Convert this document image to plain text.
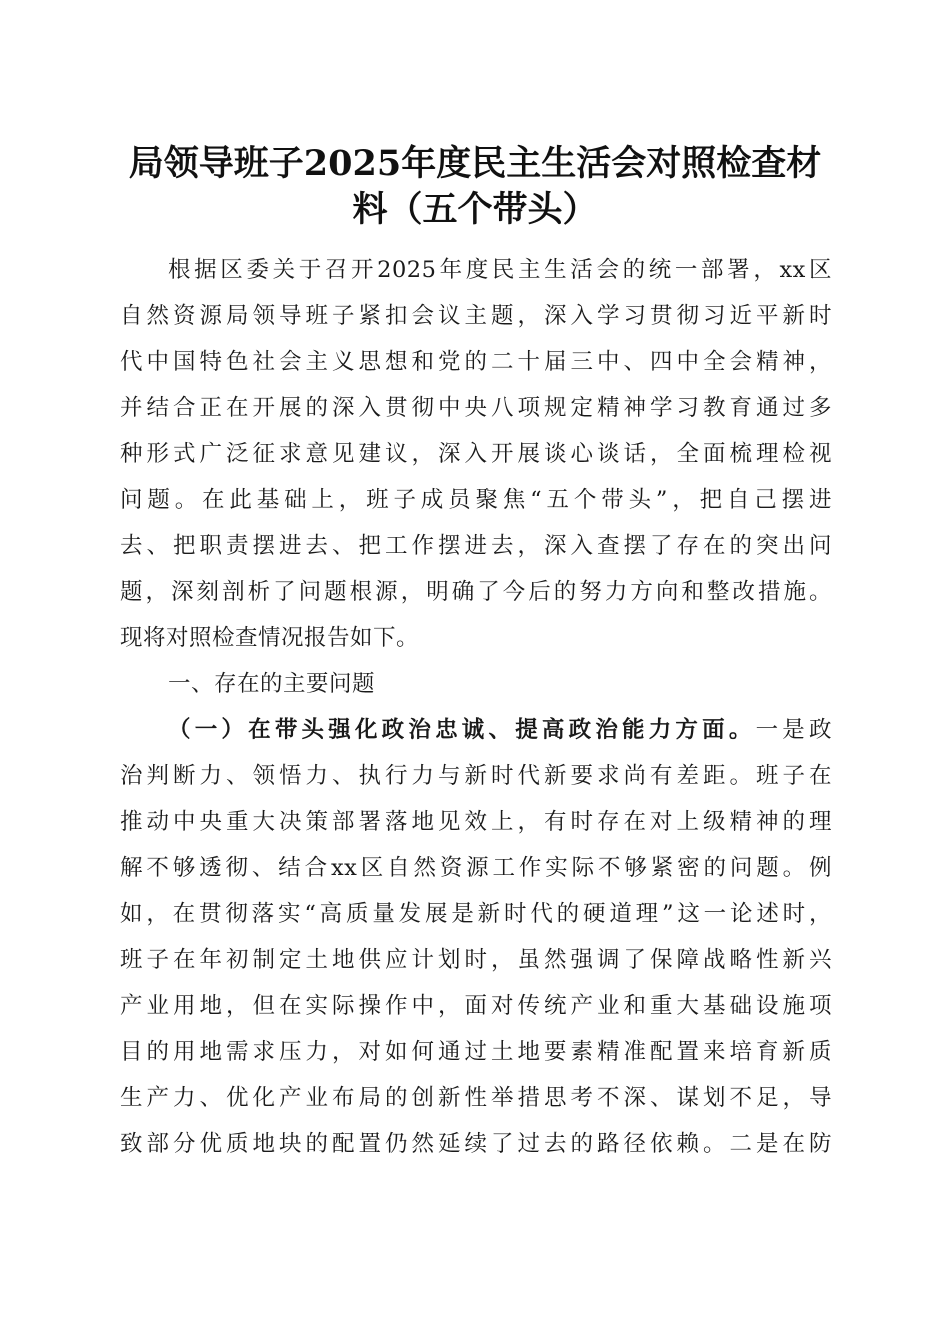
局领导班子2025年度民主生活会对照检查材
料（五个带头）
根据区委关于召开2025年度民主生活会的统一部署，xx区
自然资源局领导班子紧扣会议主题，深入学习贯彻习近平新时
代中国特色社会主义思想和党的二十届三中、四中全会精神，
并结合正在开展的深入贯彻中央八项规定精神学习教育通过多
种形式广泛征求意见建议，深入开展谈心谈话，全面梳理检视
问题。在此基础上，班子成员聚焦“五个带头”，把自己摆进
去、把职责摆进去、把工作摆进去，深入查摆了存在的突出问
题，深刻剖析了问题根源，明确了今后的努力方向和整改措施。
现将对照检查情况报告如下。
一、存在的主要问题
（一）在带头强化政治忠诚、提高政治能力方面。一是政
治判断力、领悟力、执行力与新时代新要求尚有差距。班子在
推动中央重大决策部署落地见效上，有时存在对上级精神的理
解不够透彻、结合xx区自然资源工作实际不够紧密的问题。例
如，在贯彻落实“高质量发展是新时代的硬道理”这一论述时，
班子在年初制定土地供应计划时，虽然强调了保障战略性新兴
产业用地，但在实际操作中，面对传统产业和重大基础设施项
目的用地需求压力，对如何通过土地要素精准配置来培育新质
生产力、优化产业布局的创新性举措思考不深、谋划不足，导
致部分优质地块的配置仍然延续了过去的路径依赖。二是在防
